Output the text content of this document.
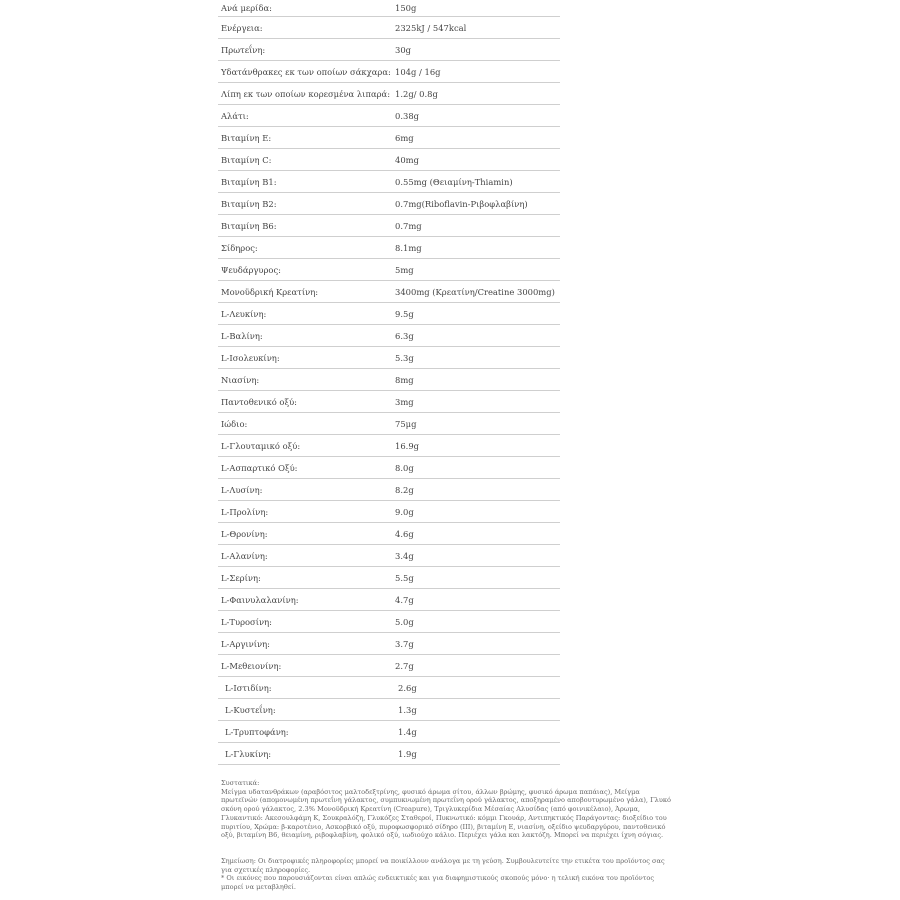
Ανά μερίδα:	150g
Ενέργεια:	2325kJ / 547kcal
Πρωτεΐνη:	30g
Υδατάνθρακες εκ των οποίων σάκχαρα:	104g / 16g
Λίπη εκ των οποίων κορεσμένα λιπαρά:	1.2g/ 0.8g
Αλάτι:	0.38g
Βιταμίνη Ε:	6mg
Βιταμίνη C:	40mg
Βιταμίνη Β1:	0.55mg (Θειαμίνη-Thiamin)
Βιταμίνη Β2:	0.7mg(Riboflavin-Ριβοφλαβίνη)
Βιταμίνη Β6:	0.7mg
Σίδηρος:	8.1mg
Ψευδάργυρος:	5mg
Μονοϋδρική Κρεατίνη:	3400mg (Κρεατίνη/Creatine 3000mg)
L-Λευκίνη:	9.5g
L-Βαλίνη:	6.3g
L-Ισολευκίνη:	5.3g
Νιασίνη:	8mg
Παντοθενικό οξύ:	3mg
Ιώδιο:	75μg
L-Γλουταμικό οξύ:	16.9g
L-Ασπαρτικό Οξύ:	8.0g
L-Λυσίνη:	8.2g
L-Προλίνη:	9.0g
L-Θρονίνη:	4.6g
L-Αλανίνη:	3.4g
L-Σερίνη:	5.5g
L-Φαινυλαλανίνη:	4.7g
L-Τυροσίνη:	5.0g
L-Αργινίνη:	3.7g
L-Μεθειονίνη:	2.7g
L-Ιστιδίνη:	2.6g
L-Κυστεΐνη:	1.3g
L-Τρυπτοφάνη:	1.4g
L-Γλυκίνη:	1.9g

Συστατικά:

Μείγμα υδατανθράκων (αραβόσιτος μαλτοδεξτρίνης, φυσικό άρωμα σίτου, άλλων βρώμης, φυσικό άρωμα παπάιας), Μείγμα

πρωτεϊνών (απομονωμένη πρωτεΐνη γάλακτος, συμπυκνωμένη πρωτεΐνη ορού γάλακτος, αποξηραμένο αποβουτυρωμένο γάλα), Γλυκό

σκόνη ορού γάλακτος, 2.3% Μονοϋδρική Κρεατίνη (Creapure), Τριγλυκερίδια Μέσαίας Αλυσίδας (από φοινικέλαιο), Άρωμα,

Γλυκαντικό: Ακεσουλφάμη Κ, Σουκραλόζη, Γλυκόζες Σταθεροί, Πυκνωτικό: κόμμι Γκουάρ, Αντιπηκτικός Παράγοντας: διοξείδιο του

πυριτίου, Χρώμα: β-καροτένιο, Ασκορβικό οξύ, πυροφωσφορικό σίδηρο (ΙΙΙ), βιταμίνη Ε, νιασίνη, οξείδιο ψευδαργύρου, παντοθενικό

οξύ, βιταμίνη Β6, θειαμίνη, ριβοφλαβίνη, φολικό οξύ, ιωδιούχο κάλιο. Περιέχει γάλα και λακτόζη. Μπορεί να περιέχει ίχνη σόγιας.

Σημείωση: Οι διατροφικές πληροφορίες μπορεί να ποικίλλουν ανάλογα με τη γεύση. Συμβουλευτείτε την ετικέτα του προϊόντος σας

για σχετικές πληροφορίες.

* Οι εικόνες που παρουσιάζονται είναι απλώς ενδεικτικές και για διαφημιστικούς σκοπούς μόνο· η τελική εικόνα του προϊόντος

μπορεί να μεταβληθεί.
